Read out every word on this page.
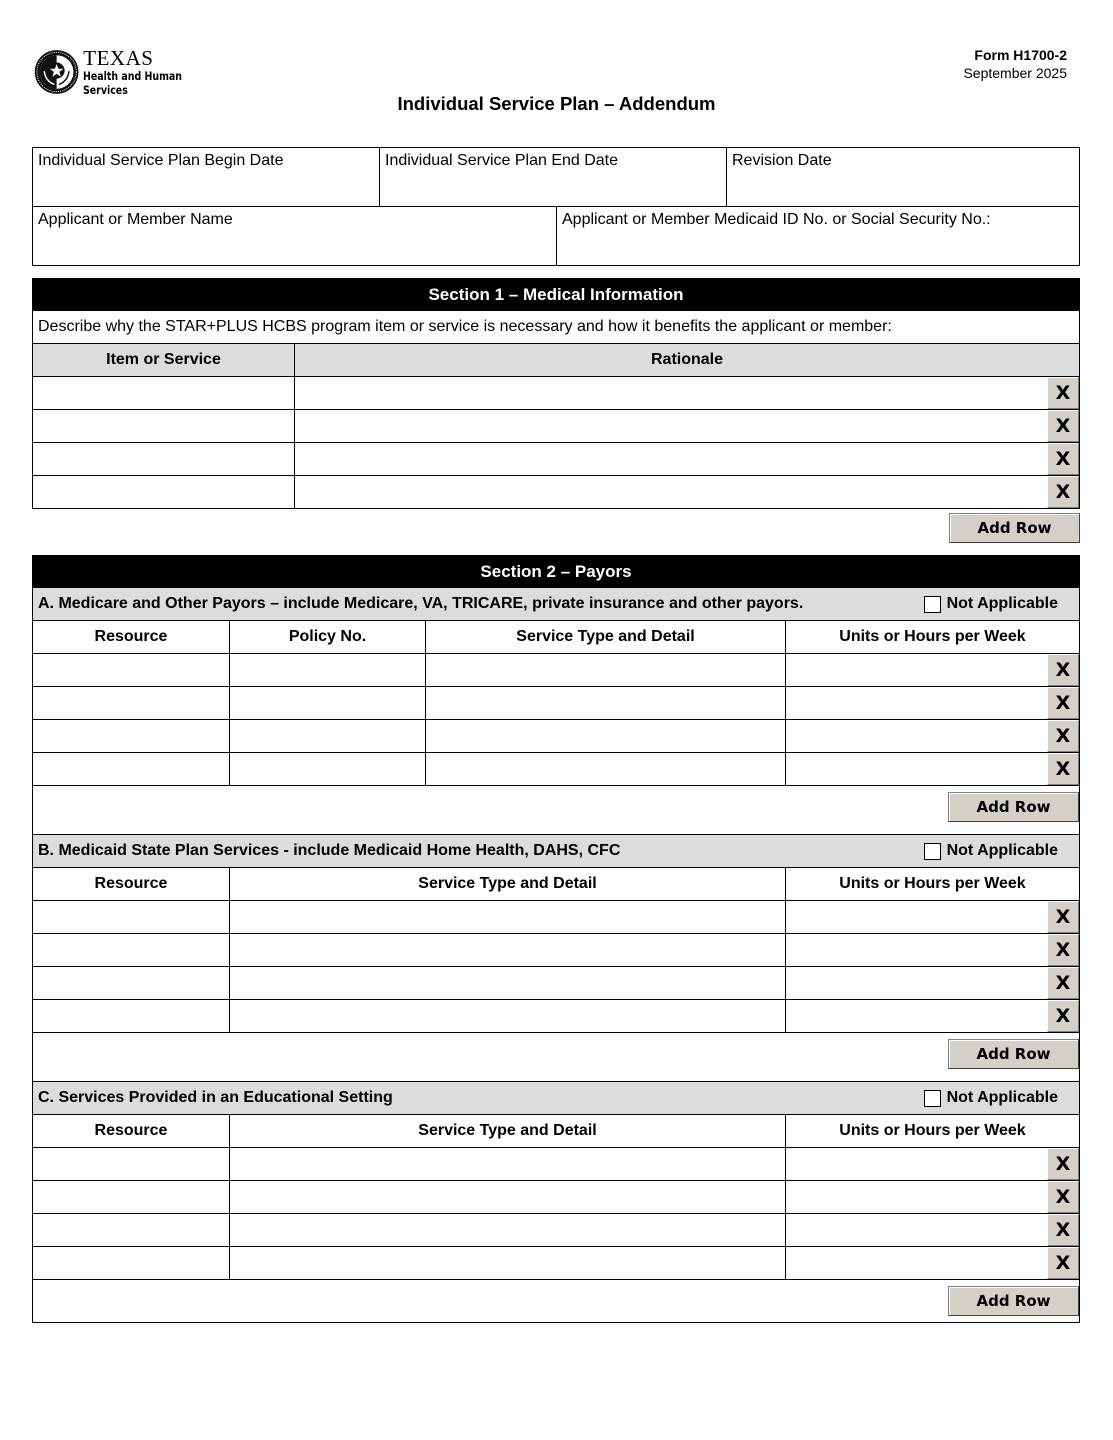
TEXAS
Health and Human
Services
Form H1700-2
September 2025
Individual Service Plan – Addendum
Individual Service Plan Begin Date	Individual Service Plan End Date	Revision Date
Applicant or Member Name	Applicant or Member Medicaid ID No. or Social Security No.:
Section 1 – Medical Information
Describe why the STAR+PLUS HCBS program item or service is necessary and how it benefits the applicant or member:
Item or Service	Rationale
X
X
X
X
Add Row
Section 2 – Payors
A. Medicare and Other Payors – include Medicare, VA, TRICARE, private insurance and other payors.	Not Applicable
Resource	Policy No.	Service Type and Detail	Units or Hours per Week
X
X
X
X
Add Row
B. Medicaid State Plan Services - include Medicaid Home Health, DAHS, CFC	Not Applicable
Resource	Service Type and Detail	Units or Hours per Week
X
X
X
X
Add Row
C. Services Provided in an Educational Setting	Not Applicable
Resource	Service Type and Detail	Units or Hours per Week
X
X
X
X
Add Row
